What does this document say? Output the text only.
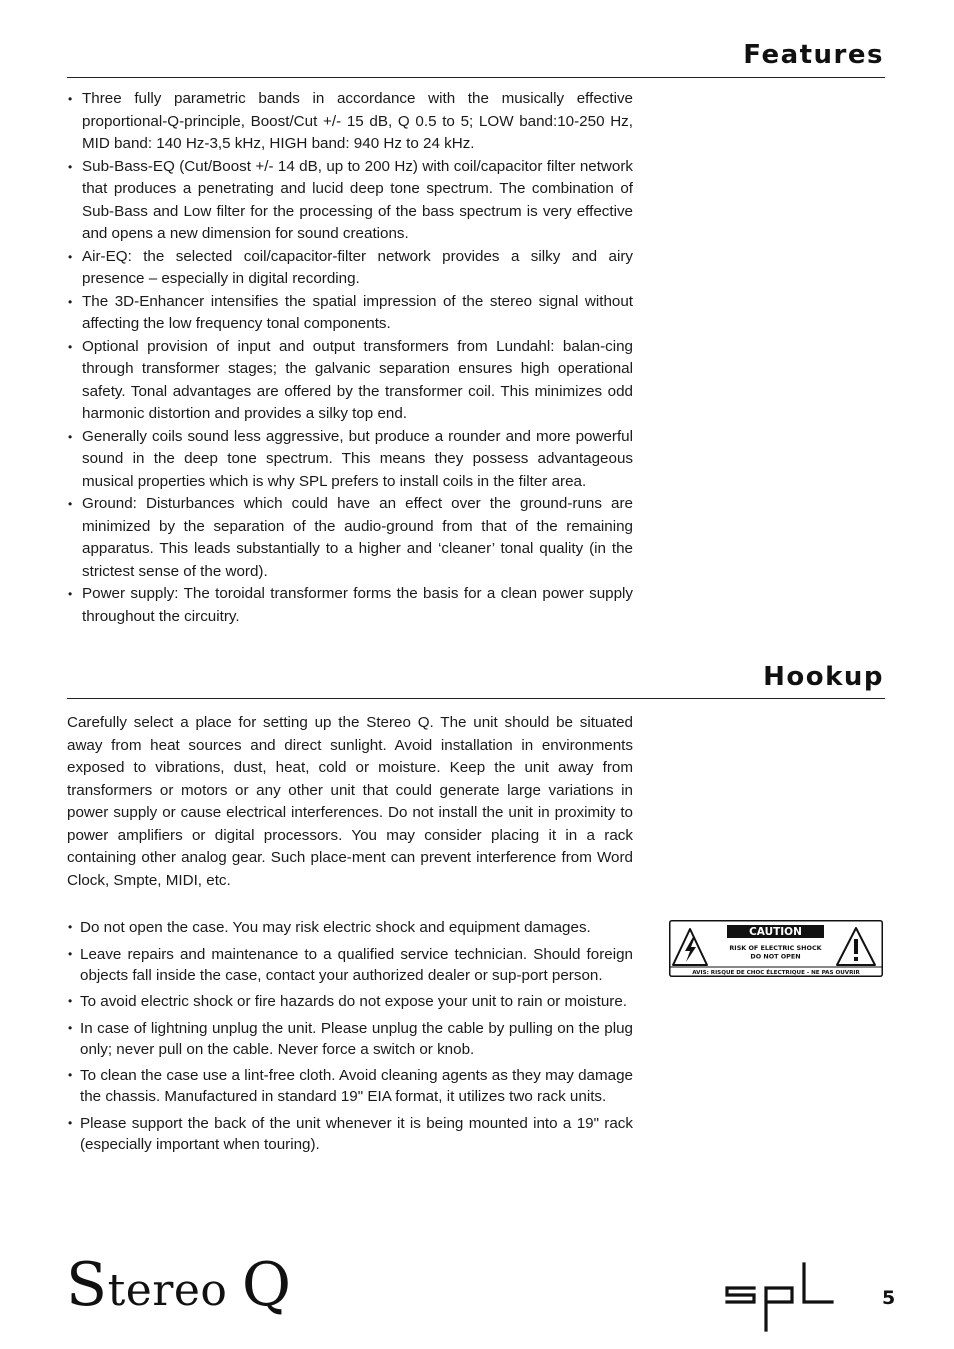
Features
• Three fully parametric bands in accordance with the musically effective proportional-Q-principle, Boost/Cut +/- 15 dB, Q 0.5 to 5; LOW band:10-250 Hz, MID band: 140 Hz-3,5 kHz, HIGH band: 940 Hz to 24 kHz.
• Sub-Bass-EQ (Cut/Boost +/- 14 dB, up to 200 Hz) with coil/capacitor filter network that produces a penetrating and lucid deep tone spectrum. The combination of Sub-Bass and Low filter for the processing of the bass spectrum is very effective and opens a new dimension for sound creations.
• Air-EQ: the selected coil/capacitor-filter network provides a silky and airy presence – especially in digital recording.
• The 3D-Enhancer intensifies the spatial impression of the stereo signal without affecting the low frequency tonal components.
• Optional provision of input and output transformers from Lundahl: balan-cing through transformer stages; the galvanic separation ensures high operational safety. Tonal advantages are offered by the transformer coil. This minimizes odd harmonic distortion and provides a silky top end.
• Generally coils sound less aggressive, but produce a rounder and more powerful sound in the deep tone spectrum. This means they possess advantageous musical properties which is why SPL prefers to install coils in the filter area.
• Ground: Disturbances which could have an effect over the ground-runs are minimized by the separation of the audio-ground from that of the remaining apparatus. This leads substantially to a higher and ‘cleaner’ tonal quality (in the strictest sense of the word).
• Power supply: The toroidal transformer forms the basis for a clean power supply throughout the circuitry.
Hookup

Carefully select a place for setting up the Stereo Q. The unit should be situated away from heat sources and direct sunlight. Avoid installation in environments exposed to vibrations, dust, heat, cold or moisture. Keep the unit away from transformers or motors or any other unit that could generate large variations in power supply or cause electrical interferences. Do not install the unit in proximity to power amplifiers or digital processors. You may consider placing it in a rack containing other analog gear. Such place-ment can prevent interference from Word Clock, Smpte, MIDI, etc.

• Do not open the case. You may risk electric shock and equipment damages.
• Leave repairs and maintenance to a qualified service technician. Should foreign objects fall inside the case, contact your authorized dealer or sup-port person.
• To avoid electric shock or fire hazards do not expose your unit to rain or moisture.
• In case of lightning unplug the unit. Please unplug the cable by pulling on the plug only; never pull on the cable. Never force a switch or knob.
• To clean the case use a lint-free cloth. Avoid cleaning agents as they may damage the chassis. Manufactured in standard 19" EIA format, it utilizes two rack units.
• Please support the back of the unit whenever it is being mounted into a 19" rack (especially important when touring).
CAUTION
RISK OF ELECTRIC SHOCK
DO NOT OPEN
AVIS: RISQUE DE CHOC ÉLECTRIQUE - NE PAS OUVRIR
Stereo Q	5
